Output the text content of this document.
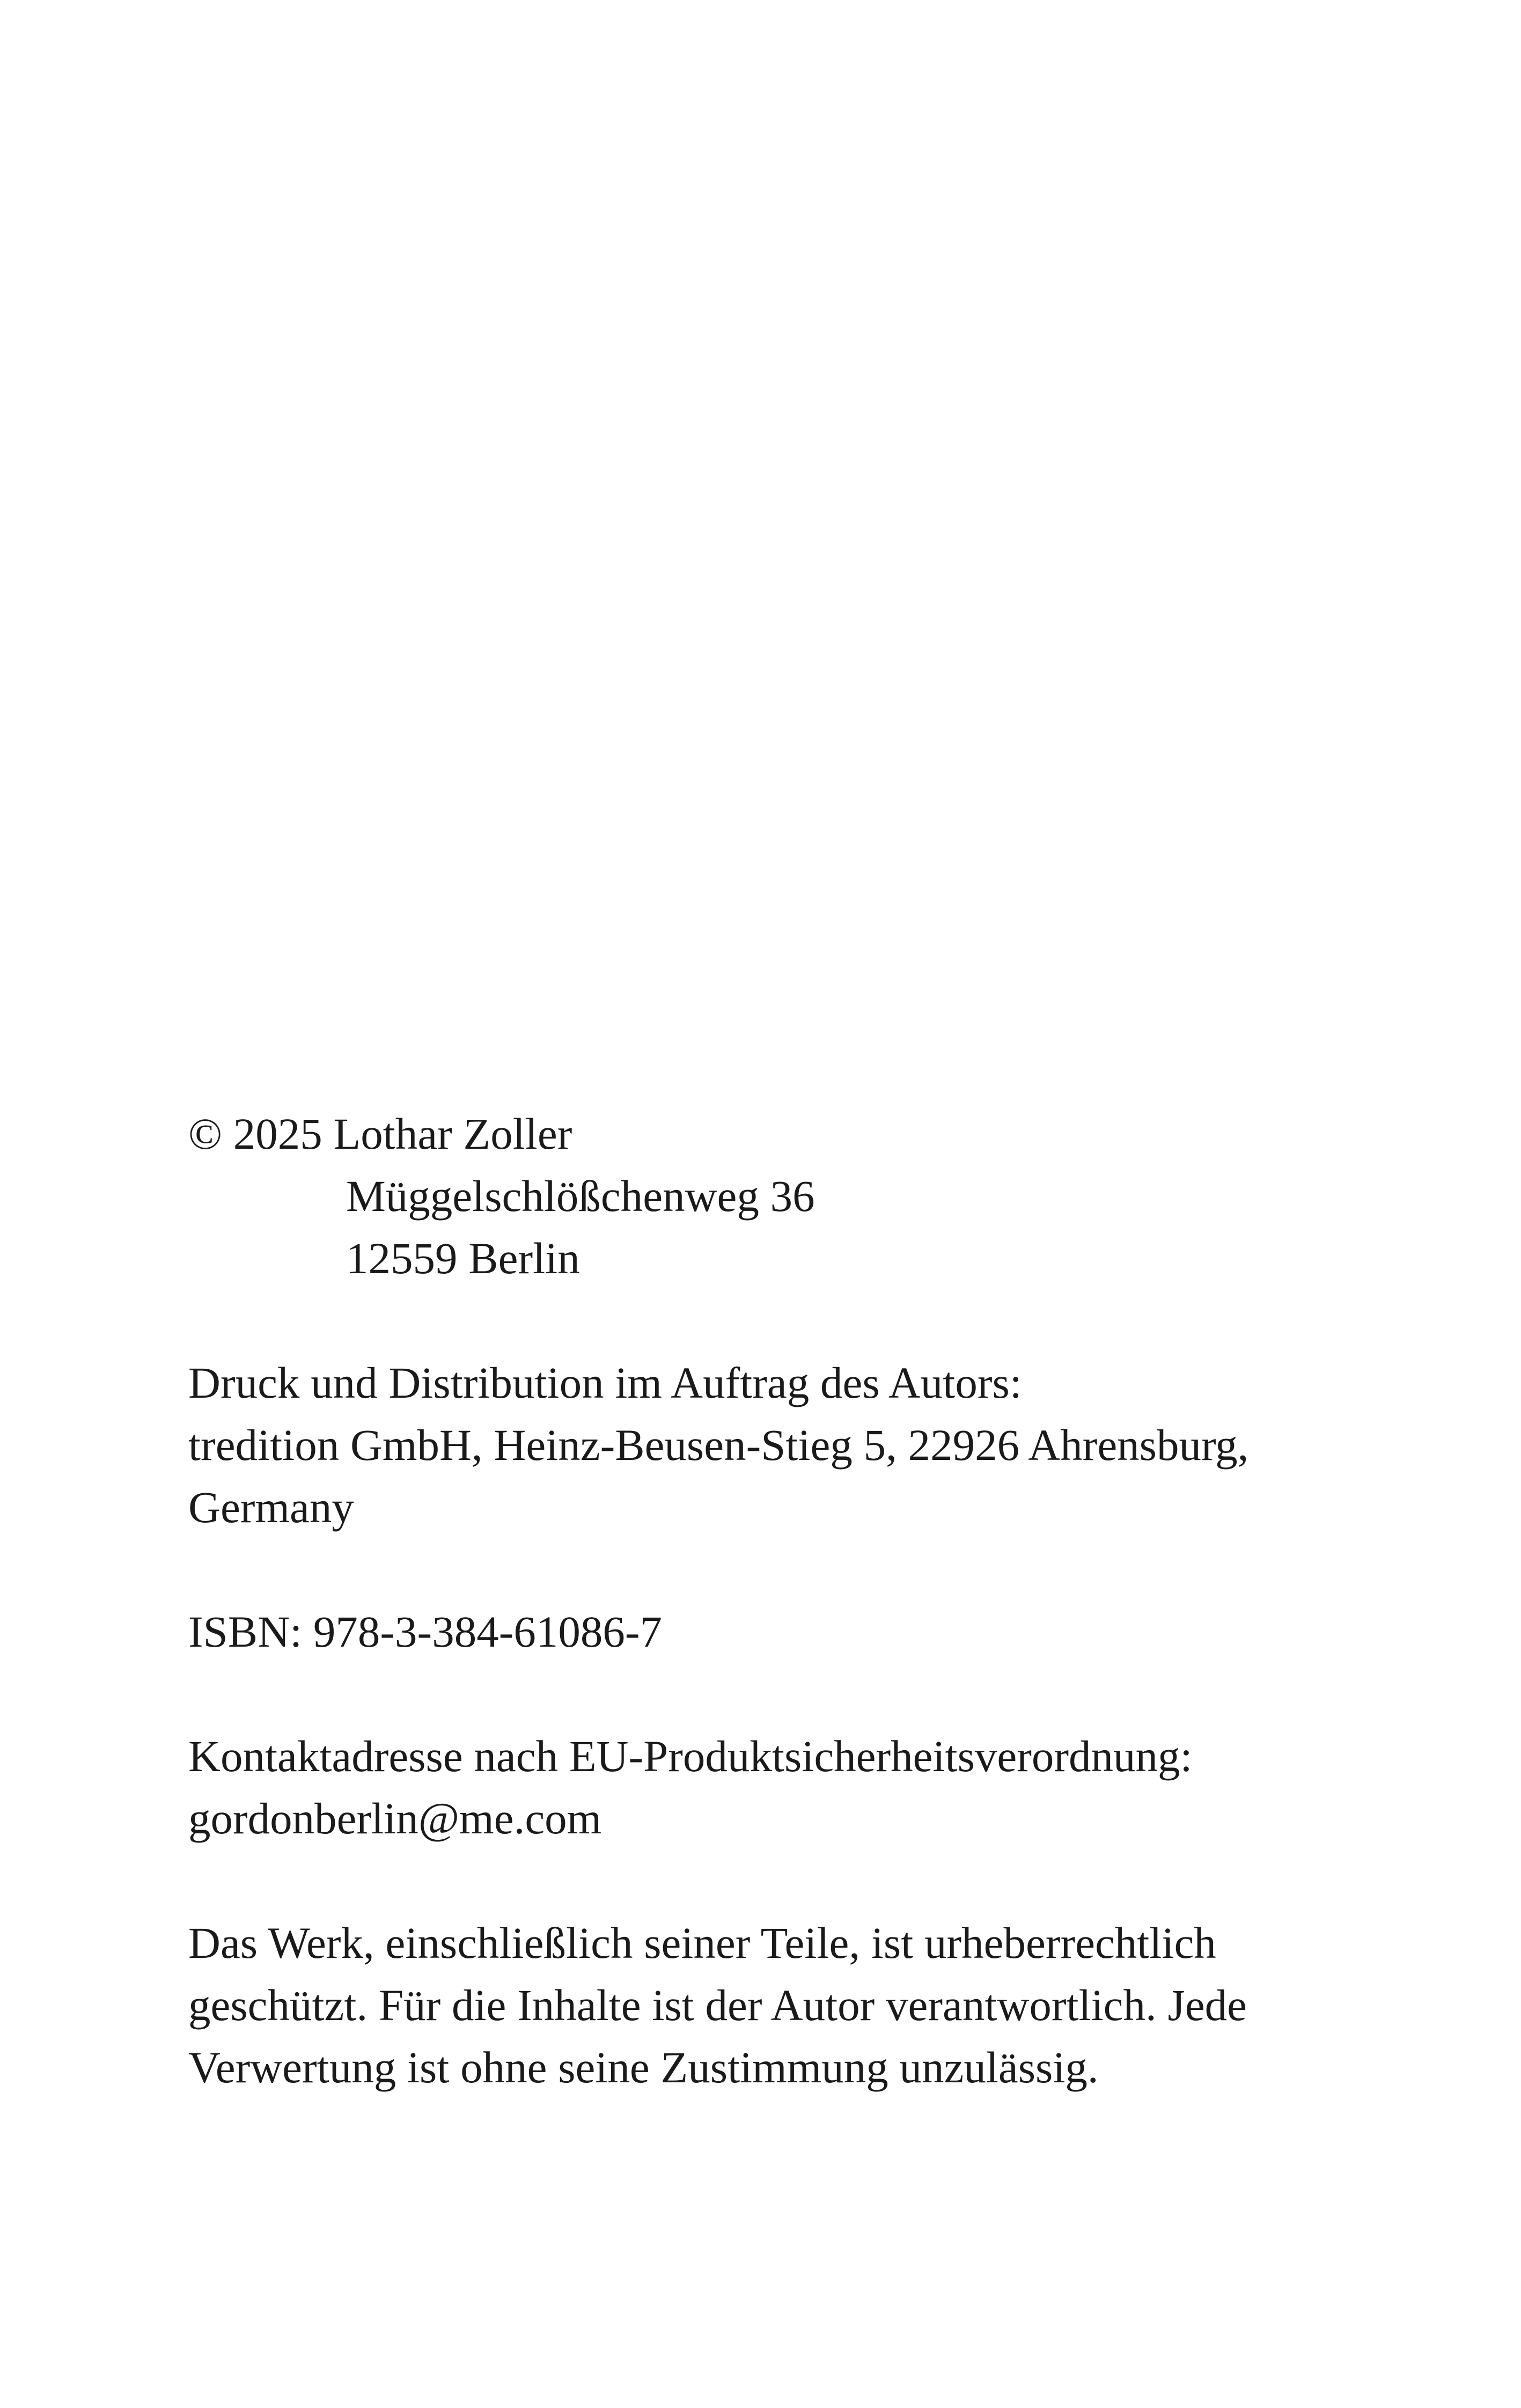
© 2025 Lothar Zoller
Müggelschlößchenweg 36
12559 Berlin
Druck und Distribution im Auftrag des Autors:
tredition GmbH, Heinz-Beusen-Stieg 5, 22926 Ahrensburg,
Germany
ISBN: 978-3-384-61086-7
Kontaktadresse nach EU-Produktsicherheitsverordnung:
gordonberlin@me.com
Das Werk, einschließlich seiner Teile, ist urheberrechtlich
geschützt. Für die Inhalte ist der Autor verantwortlich. Jede
Verwertung ist ohne seine Zustimmung unzulässig.
